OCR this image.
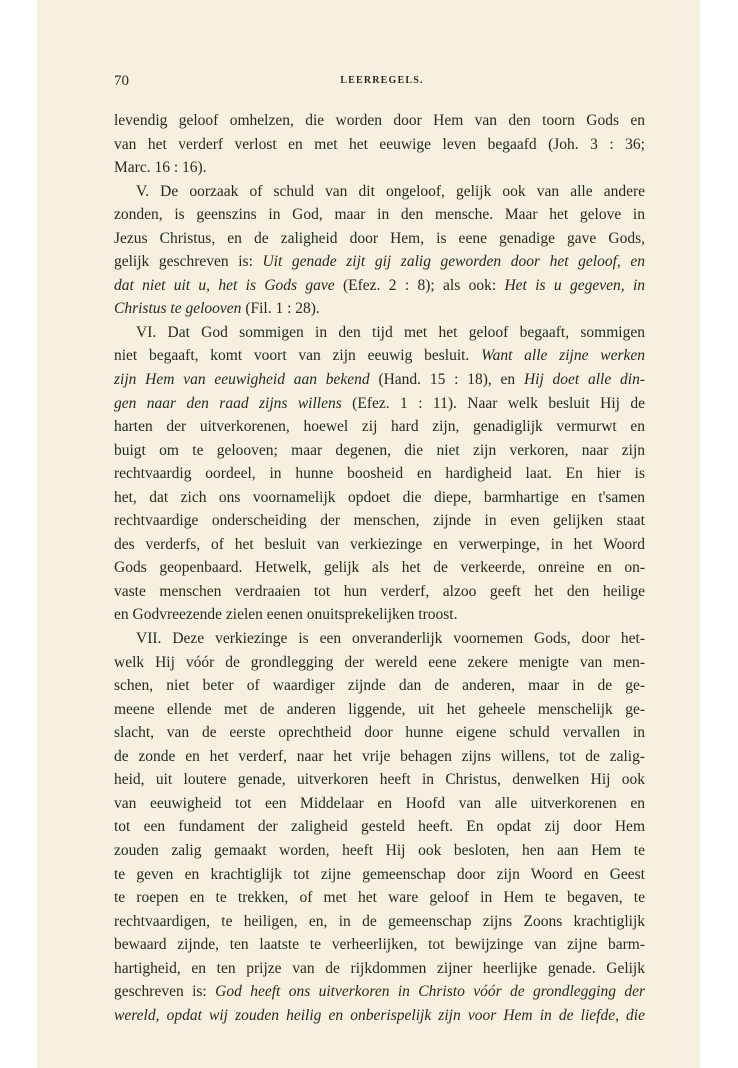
70	LEERREGELS.
levendig geloof omhelzen, die worden door Hem van den toorn Gods en
van het verderf verlost en met het eeuwige leven begaafd (Joh. 3 : 36;
Marc. 16 : 16).
V. De oorzaak of schuld van dit ongeloof, gelijk ook van alle andere
zonden, is geenszins in God, maar in den mensche. Maar het gelove in
Jezus Christus, en de zaligheid door Hem, is eene genadige gave Gods,
gelijk geschreven is: Uit genade zijt gij zalig geworden door het geloof, en
dat niet uit u, het is Gods gave (Efez. 2 : 8); als ook: Het is u gegeven, in
Christus te gelooven (Fil. 1 : 28).
VI. Dat God sommigen in den tijd met het geloof begaaft, sommigen
niet begaaft, komt voort van zijn eeuwig besluit. Want alle zijne werken
zijn Hem van eeuwigheid aan bekend (Hand. 15 : 18), en Hij doet alle din-
gen naar den raad zijns willens (Efez. 1 : 11). Naar welk besluit Hij de
harten der uitverkorenen, hoewel zij hard zijn, genadiglijk vermurwt en
buigt om te gelooven; maar degenen, die niet zijn verkoren, naar zijn
rechtvaardig oordeel, in hunne boosheid en hardigheid laat. En hier is
het, dat zich ons voornamelijk opdoet die diepe, barmhartige en t'samen
rechtvaardige onderscheiding der menschen, zijnde in even gelijken staat
des verderfs, of het besluit van verkiezinge en verwerpinge, in het Woord
Gods geopenbaard. Hetwelk, gelijk als het de verkeerde, onreine en on-
vaste menschen verdraaien tot hun verderf, alzoo geeft het den heilige
en Godvreezende zielen eenen onuitsprekelijken troost.
VII. Deze verkiezinge is een onveranderlijk voornemen Gods, door het-
welk Hij vóór de grondlegging der wereld eene zekere menigte van men-
schen, niet beter of waardiger zijnde dan de anderen, maar in de ge-
meene ellende met de anderen liggende, uit het geheele menschelijk ge-
slacht, van de eerste oprechtheid door hunne eigene schuld vervallen in
de zonde en het verderf, naar het vrije behagen zijns willens, tot de zalig-
heid, uit loutere genade, uitverkoren heeft in Christus, denwelken Hij ook
van eeuwigheid tot een Middelaar en Hoofd van alle uitverkorenen en
tot een fundament der zaligheid gesteld heeft. En opdat zij door Hem
zouden zalig gemaakt worden, heeft Hij ook besloten, hen aan Hem te
te geven en krachtiglijk tot zijne gemeenschap door zijn Woord en Geest
te roepen en te trekken, of met het ware geloof in Hem te begaven, te
rechtvaardigen, te heiligen, en, in de gemeenschap zijns Zoons krachtiglijk
bewaard zijnde, ten laatste te verheerlijken, tot bewijzinge van zijne barm-
hartigheid, en ten prijze van de rijkdommen zijner heerlijke genade. Gelijk
geschreven is: God heeft ons uitverkoren in Christo vóór de grondlegging der
wereld, opdat wij zouden heilig en onberispelijk zijn voor Hem in de liefde, die
